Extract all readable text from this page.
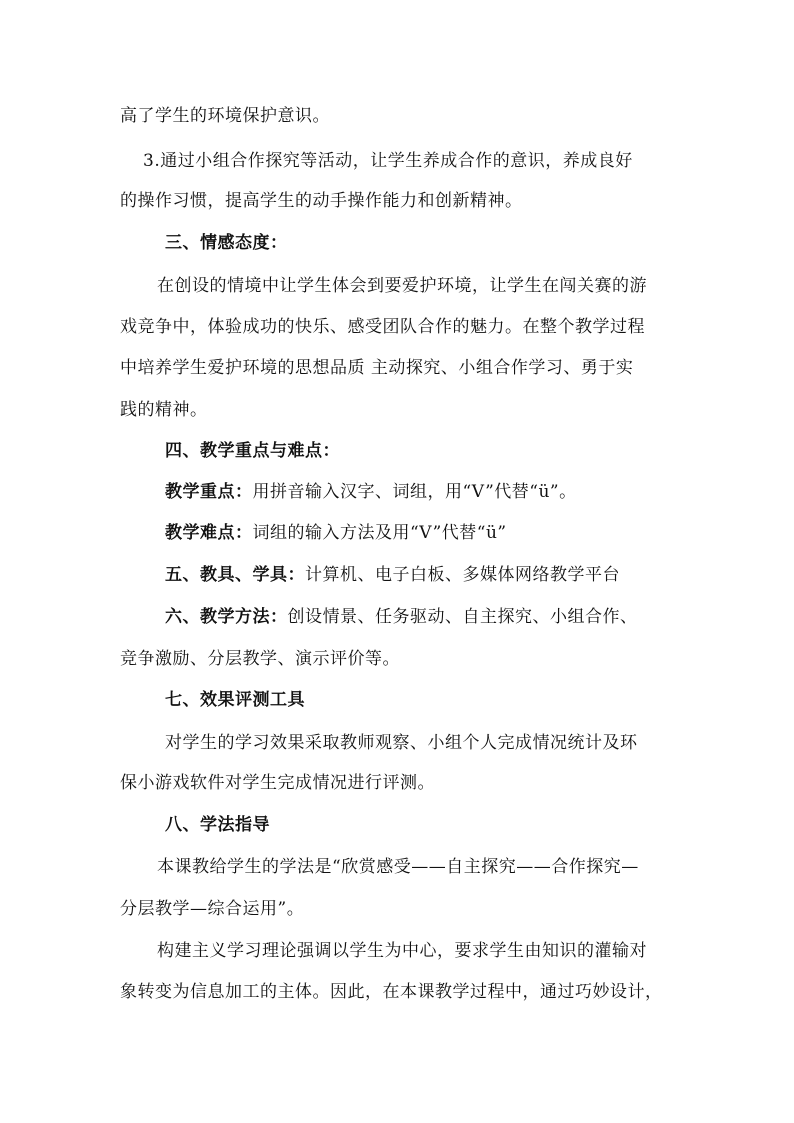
高了学生的环境保护意识。
3.通过小组合作探究等活动，让学生养成合作的意识，养成良好
的操作习惯，提高学生的动手操作能力和创新精神。
三、情感态度：
在创设的情境中让学生体会到要爱护环境，让学生在闯关赛的游
戏竞争中，体验成功的快乐、感受团队合作的魅力。在整个教学过程
中培养学生爱护环境的思想品质 主动探究、小组合作学习、勇于实
践的精神。
四、教学重点与难点：
教学重点：用拼音输入汉字、词组，用“V”代替“ü”。
教学难点：词组的输入方法及用“V”代替“ü”
五、教具、学具：计算机、电子白板、多媒体网络教学平台
六、教学方法：创设情景、任务驱动、自主探究、小组合作、
竞争激励、分层教学、演示评价等。
七、效果评测工具
对学生的学习效果采取教师观察、小组个人完成情况统计及环
保小游戏软件对学生完成情况进行评测。
八、学法指导
本课教给学生的学法是“欣赏感受——自主探究——合作探究—
分层教学—综合运用”。
构建主义学习理论强调以学生为中心，要求学生由知识的灌输对
象转变为信息加工的主体。因此，在本课教学过程中，通过巧妙设计，
